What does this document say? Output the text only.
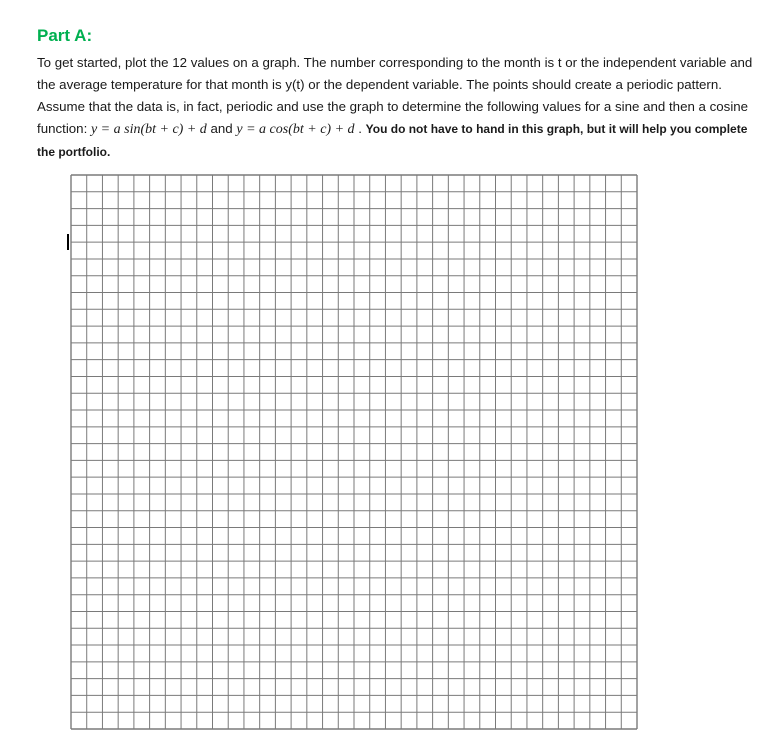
Part A:

To get started, plot the 12 values on a graph. The number corresponding to the month is t or the independent variable and the average temperature for that month is y(t) or the dependent variable. The points should create a periodic pattern. Assume that the data is, in fact, periodic and use the graph to determine the following values for a sine and then a cosine function: y = a sin(bt + c) + d and y = a cos(bt + c) + d . You do not have to hand in this graph, but it will help you complete the portfolio.
